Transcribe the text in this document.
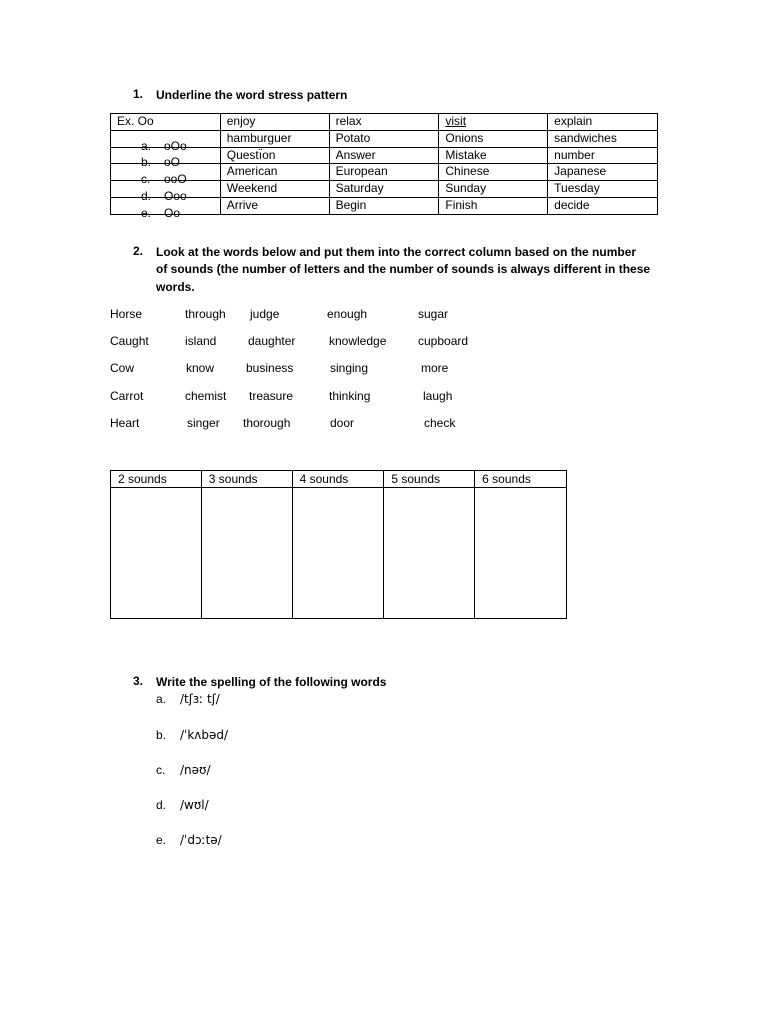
1. Underline the word stress pattern
Ex. Oo	enjoy	relax	visit	explain

a. oOo	hamburguer	Potato	Onions	sandwiches

b. oO	Questı̈on	Answer	Mistake	number

c. ooO	American	European	Chinese	Japanese

d. Ooo	Weekend	Saturday	Sunday	Tuesday

e. Oo	Arrive	Begin	Finish	decide
2. Look at the words below and put them into the correct column based on the number
of sounds (the number of letters and the number of sounds is always different in these
words.
Horse	through judge	enough	sugar
Caught	island	daughter	knowledge	cupboard
Cow	know	business	singing	more
Carrot	chemist treasure	thinking	laugh
Heart	singer thorough	door	check
2 sounds	3 sounds	4 sounds	5 sounds	6 sounds

3. Write the spelling of the following words
a. /tʃɜː tʃ/
b. /ˈkʌbəd/
c. /nəʊ/
d. /wʊl/
e. /ˈdɔːtə/
